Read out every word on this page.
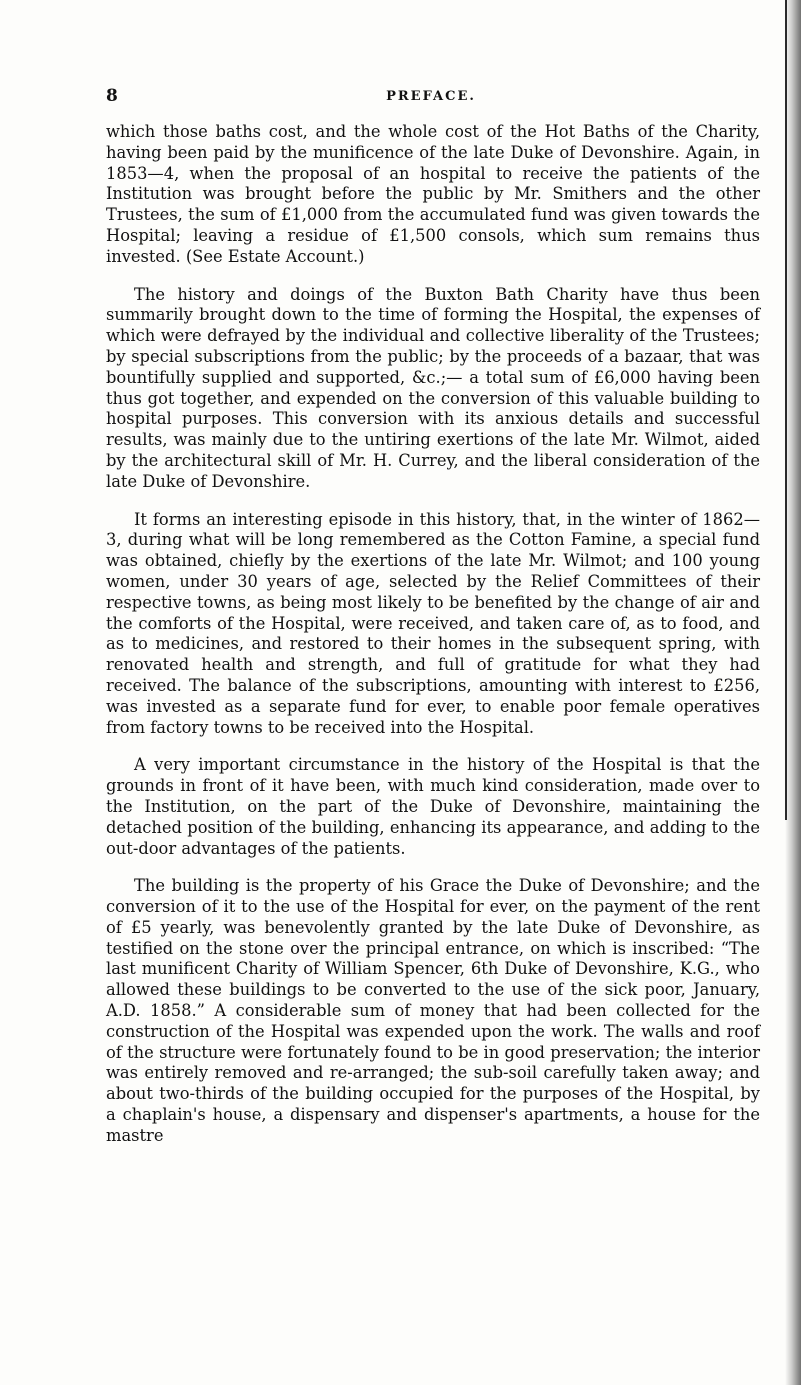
8	PREFACE.

which those baths cost, and the whole cost of the Hot Baths of the Charity, having been paid by the munificence of the late Duke of Devonshire. Again, in 1853—4, when the proposal of an hospital to receive the patients of the Institution was brought before the public by Mr. Smithers and the other Trustees, the sum of £1,000 from the accumulated fund was given towards the Hospital; leaving a residue of £1,500 consols, which sum remains thus invested. (See Estate Account.)

The history and doings of the Buxton Bath Charity have thus been summarily brought down to the time of forming the Hospital, the expenses of which were defrayed by the individual and collective liberality of the Trustees; by special subscriptions from the public; by the proceeds of a bazaar, that was bountifully supplied and supported, &c.;— a total sum of £6,000 having been thus got together, and expended on the conversion of this valuable building to hospital purposes. This conversion with its anxious details and successful results, was mainly due to the untiring exertions of the late Mr. Wilmot, aided by the architectural skill of Mr. H. Currey, and the liberal consideration of the late Duke of Devonshire.

It forms an interesting episode in this history, that, in the winter of 1862—3, during what will be long remembered as the Cotton Famine, a special fund was obtained, chiefly by the exertions of the late Mr. Wilmot; and 100 young women, under 30 years of age, selected by the Relief Committees of their respective towns, as being most likely to be benefited by the change of air and the comforts of the Hospital, were received, and taken care of, as to food, and as to medicines, and restored to their homes in the subsequent spring, with renovated health and strength, and full of gratitude for what they had received. The balance of the subscriptions, amounting with interest to £256, was invested as a separate fund for ever, to enable poor female operatives from factory towns to be received into the Hospital.

A very important circumstance in the history of the Hospital is that the grounds in front of it have been, with much kind consideration, made over to the Institution, on the part of the Duke of Devonshire, maintaining the detached position of the building, enhancing its appearance, and adding to the out-door advantages of the patients.

The building is the property of his Grace the Duke of Devonshire; and the conversion of it to the use of the Hospital for ever, on the payment of the rent of £5 yearly, was benevolently granted by the late Duke of Devonshire, as testified on the stone over the principal entrance, on which is inscribed: “The last munificent Charity of William Spencer, 6th Duke of Devonshire, K.G., who allowed these buildings to be converted to the use of the sick poor, January, A.D. 1858.” A considerable sum of money that had been collected for the construction of the Hospital was expended upon the work. The walls and roof of the structure were fortunately found to be in good preservation; the interior was entirely removed and re-arranged; the sub-soil carefully taken away; and about two-thirds of the building occupied for the purposes of the Hospital, by a chaplain's house, a dispensary and dispenser's apartments, a house for the mastre
